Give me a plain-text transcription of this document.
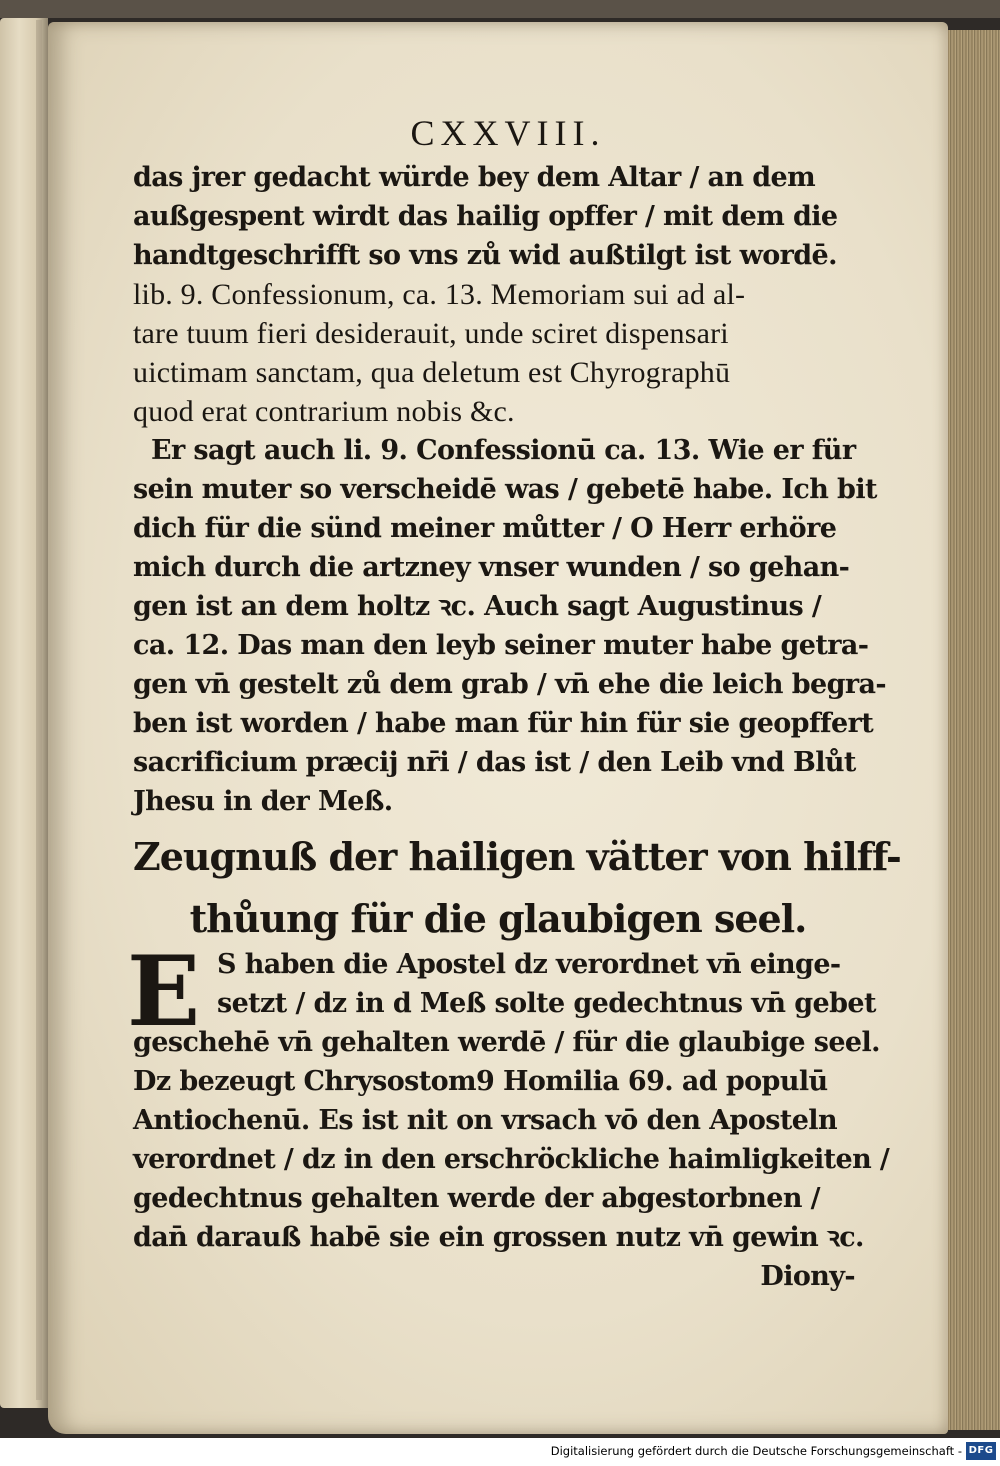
CXXVIII.
das jrer gedacht würde bey dem Altar / an dem
außgespent wirdt das hailig opffer / mit dem die
handtgeschrifft so vns zů wid außtilgt ist wordē.
lib. 9. Confessionum, ca. 13. Memoriam sui ad al-
tare tuum fieri desiderauit, unde sciret dispensari
uictimam sanctam, qua deletum est Chyrographū
quod erat contrarium nobis &c.
Er sagt auch li. 9. Confessionū ca. 13. Wie er für
sein muter so verscheidē was / gebetē habe. Ich bit
dich für die sünd meiner můtter / O Herr erhöre
mich durch die artzney vnser wunden / so gehan-
gen ist an dem holtz ꝛc. Auch sagt Augustinus /
ca. 12. Das man den leyb seiner muter habe getra-
gen vn̄ gestelt zů dem grab / vn̄ ehe die leich begra-
ben ist worden / habe man für hin für sie geopffert
sacrificium præcij nr̄i / das ist / den Leib vnd Blůt
Jhesu in der Meß.
Zeugnuß der hailigen vätter von hilff-
thůung für die glaubigen seel.
E S haben die Apostel dz verordnet vn̄ einge-
setzt / dz in d Meß solte gedechtnus vn̄ gebet
geschehē vn̄ gehalten werdē / für die glaubige seel.
Dz bezeugt Chrysostom9 Homilia 69. ad populū
Antiochenū. Es ist nit on vrsach vō den Aposteln
verordnet / dz in den erschröckliche haimligkeiten /
gedechtnus gehalten werde der abgestorbnen /
dan̄ darauß habē sie ein grossen nutz vn̄ gewin ꝛc.
Diony-
Digitalisierung gefördert durch die Deutsche Forschungsgemeinschaft - DFG
